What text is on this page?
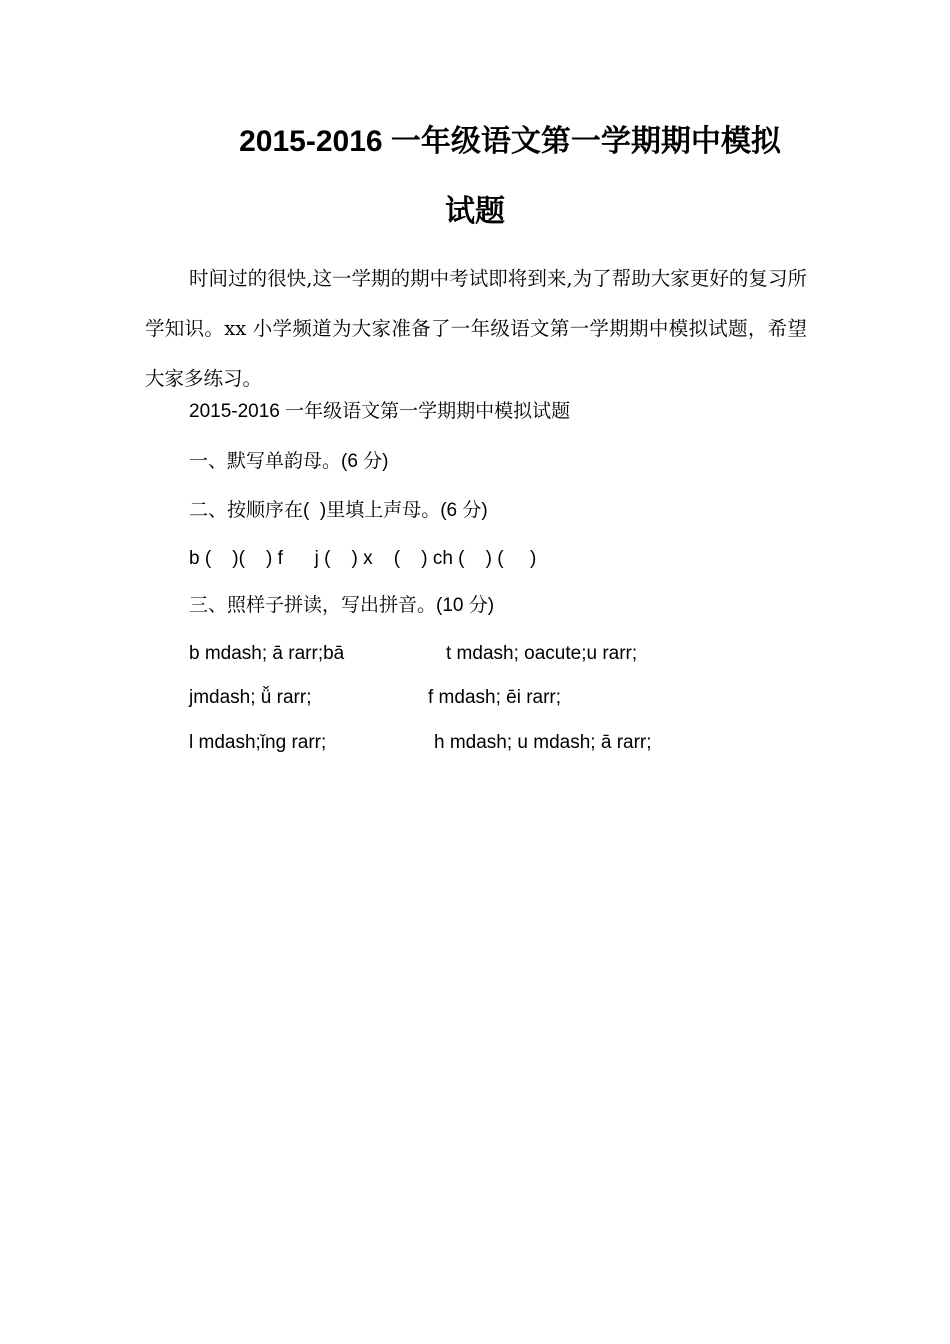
2015-2016 一年级语文第一学期期中模拟
试题

时间过的很快,这一学期的期中考试即将到来,为了帮助大家更好的复习所学知识。xx 小学频道为大家准备了一年级语文第一学期期中模拟试题，希望大家多练习。

2015-2016 一年级语文第一学期期中模拟试题

一、默写单韵母。(6 分)

二、按顺序在(  )里填上声母。(6 分)

b (    )(    ) f      j (    ) x    (    ) ch (    ) (     )

三、照样子拼读，写出拼音。(10 分)

b mdash; ā rarr;bā	t mdash; oacute;u rarr;

jmdash; ǚ rarr;	f mdash; ēi rarr;

l mdash;ǐng rarr;	h mdash; u mdash; ā rarr;
